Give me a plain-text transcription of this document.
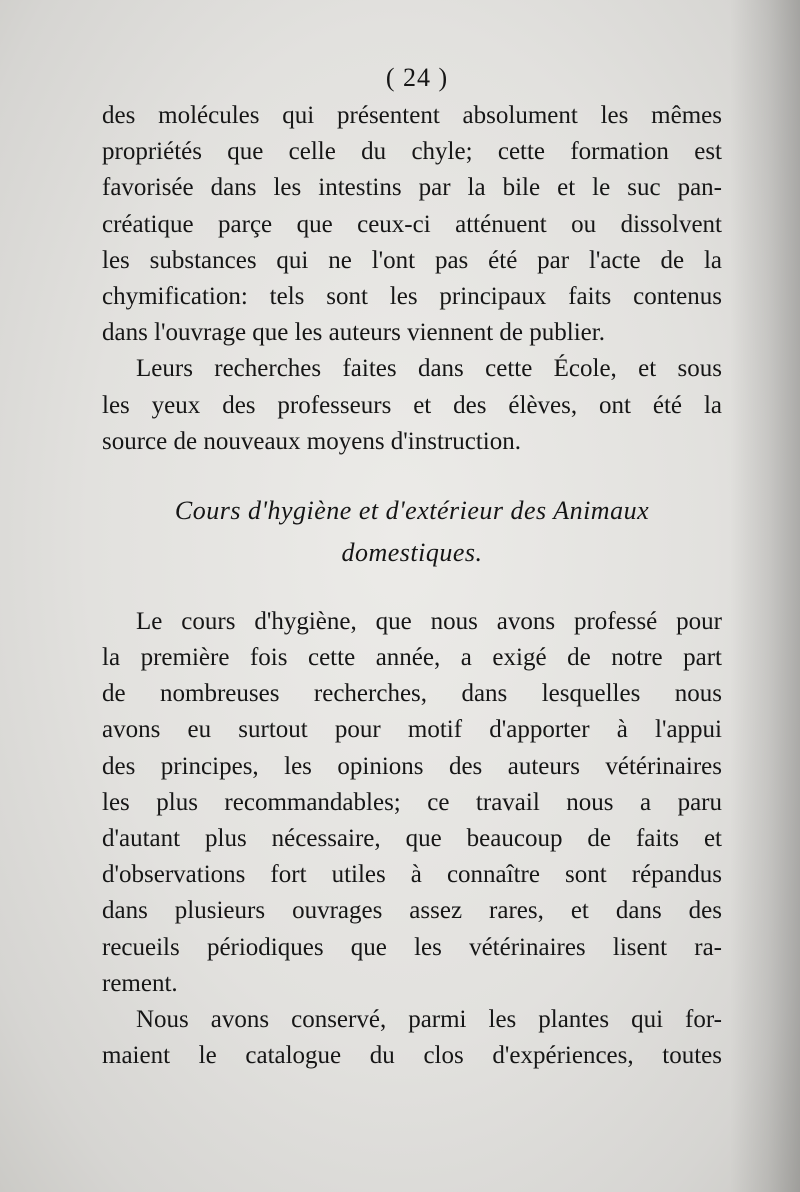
( 24 )
des molécules qui présentent absolument les mêmes
propriétés que celle du chyle; cette formation est
favorisée dans les intestins par la bile et le suc pan-
créatique parçe que ceux-ci atténuent ou dissolvent
les substances qui ne l'ont pas été par l'acte de la
chymification: tels sont les principaux faits contenus
dans l'ouvrage que les auteurs viennent de publier.
Leurs recherches faites dans cette École, et sous
les yeux des professeurs et des élèves, ont été la
source de nouveaux moyens d'instruction.
Cours d'hygiène et d'extérieur des Animaux
domestiques.
Le cours d'hygiène, que nous avons professé pour
la première fois cette année, a exigé de notre part
de nombreuses recherches, dans lesquelles nous
avons eu surtout pour motif d'apporter à l'appui
des principes, les opinions des auteurs vétérinaires
les plus recommandables; ce travail nous a paru
d'autant plus nécessaire, que beaucoup de faits et
d'observations fort utiles à connaître sont répandus
dans plusieurs ouvrages assez rares, et dans des
recueils périodiques que les vétérinaires lisent ra-
rement.
Nous avons conservé, parmi les plantes qui for-
maient le catalogue du clos d'expériences, toutes
